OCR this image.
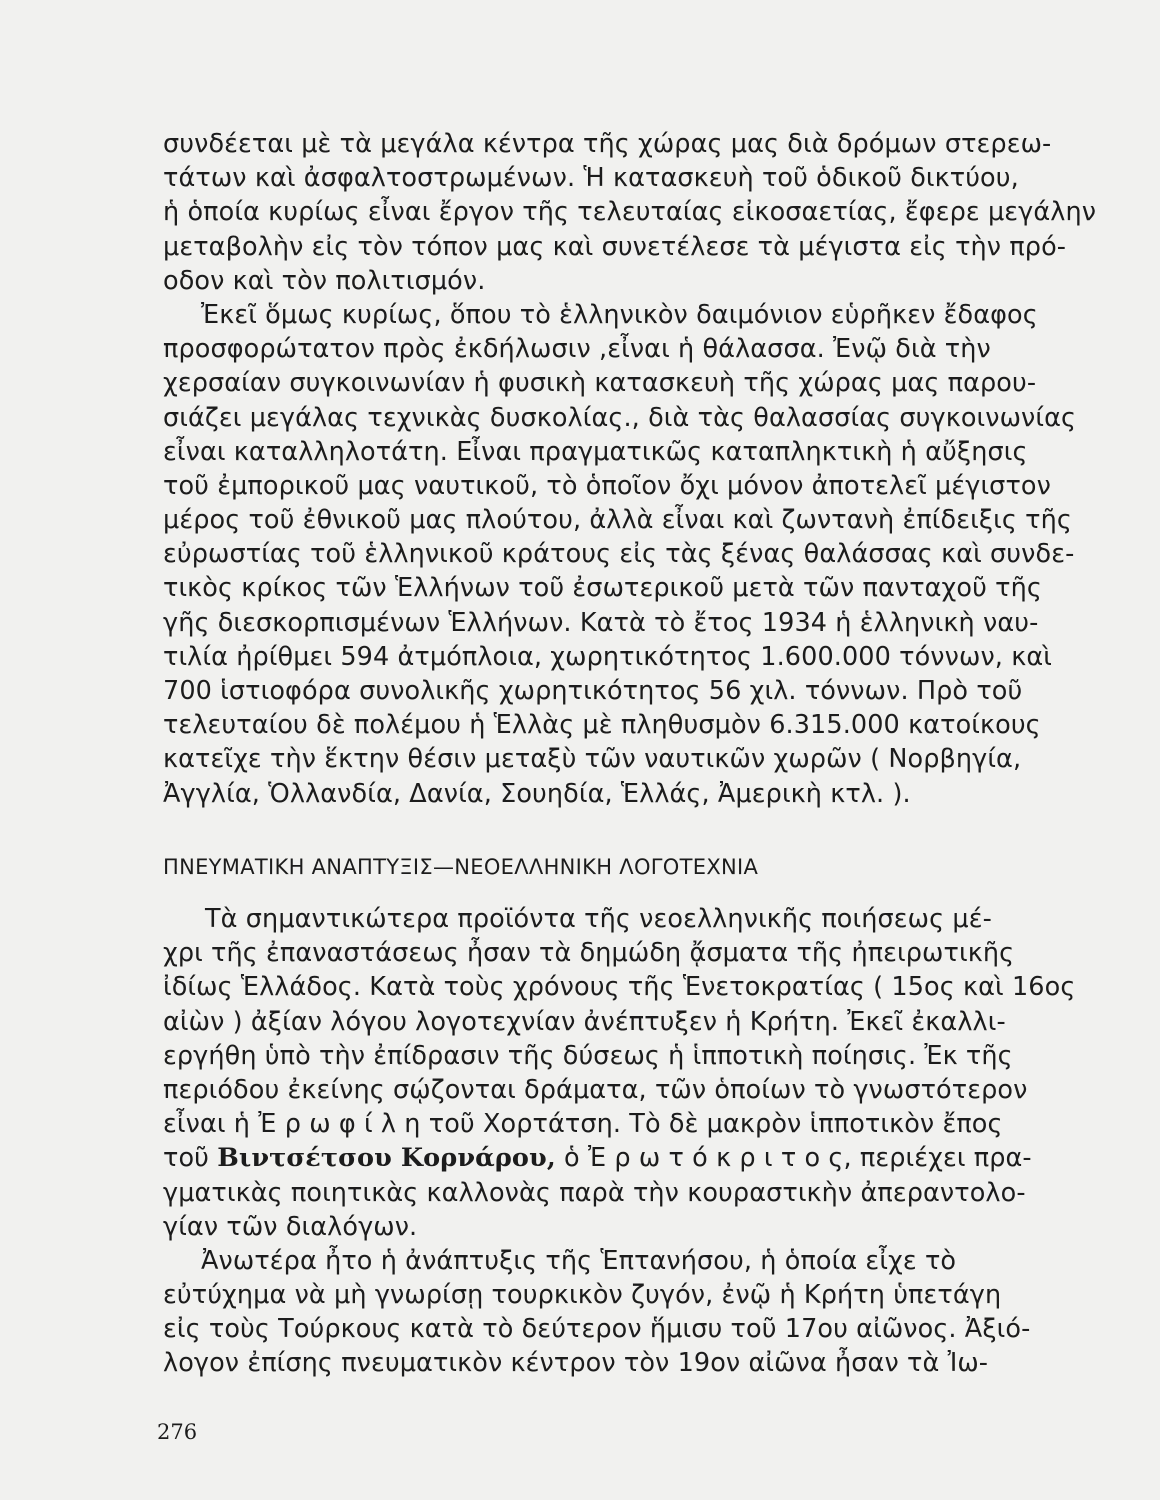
συνδέεται μὲ τὰ μεγάλα κέντρα τῆς χώρας μας διὰ δρόμων στερεω-
τάτων καὶ ἀσφαλτοστρωμένων. Ἡ κατασκευὴ τοῦ ὁδικοῦ δικτύου,
ἡ ὁποία κυρίως εἶναι ἔργον τῆς τελευταίας εἰκοσαετίας, ἔφερε μεγάλην
μεταβολὴν εἰς τὸν τόπον μας καὶ συνετέλεσε τὰ μέγιστα εἰς τὴν πρό-
οδον καὶ τὸν πολιτισμόν.
Ἐκεῖ ὅμως κυρίως, ὅπου τὸ ἑλληνικὸν δαιμόνιον εὑρῆκεν ἔδαφος
προσφορώτατον πρὸς ἐκδήλωσιν ,εἶναι ἡ θάλασσα. Ἐνῷ διὰ τὴν
χερσαίαν συγκοινωνίαν ἡ φυσικὴ κατασκευὴ τῆς χώρας μας παρου-
σιάζει μεγάλας τεχνικὰς δυσκολίας., διὰ τὰς θαλασσίας συγκοινωνίας
εἶναι καταλληλοτάτη. Εἶναι πραγματικῶς καταπληκτικὴ ἡ αὔξησις
τοῦ ἐμπορικοῦ μας ναυτικοῦ, τὸ ὁποῖον ὄχι μόνον ἀποτελεῖ μέγιστον
μέρος τοῦ ἐθνικοῦ μας πλούτου, ἀλλὰ εἶναι καὶ ζωντανὴ ἐπίδειξις τῆς
εὐρωστίας τοῦ ἑλληνικοῦ κράτους εἰς τὰς ξένας θαλάσσας καὶ συνδε-
τικὸς κρίκος τῶν Ἑλλήνων τοῦ ἐσωτερικοῦ μετὰ τῶν πανταχοῦ τῆς
γῆς διεσκορπισμένων Ἑλλήνων. Κατὰ τὸ ἔτος 1934 ἡ ἑλληνικὴ ναυ-
τιλία ἠρίθμει 594 ἀτμόπλοια, χωρητικότητος 1.600.000 τόννων, καὶ
700 ἱστιοφόρα συνολικῆς χωρητικότητος 56 χιλ. τόννων. Πρὸ τοῦ
τελευταίου δὲ πολέμου ἡ Ἑλλὰς μὲ πληθυσμὸν 6.315.000 κατοίκους
κατεῖχε τὴν ἕκτην θέσιν μεταξὺ τῶν ναυτικῶν χωρῶν ( Νορβηγία,
Ἀγγλία, Ὁλλανδία, Δανία, Σουηδία, Ἑλλάς, Ἀμερικὴ κτλ. ).
ΠΝΕΥΜΑΤΙΚΗ ΑΝΑΠΤΥΞΙΣ—ΝΕΟΕΛΛΗΝΙΚΗ ΛΟΓΟΤΕΧΝΙΑ
Τὰ σημαντικώτερα προϊόντα τῆς νεοελληνικῆς ποιήσεως μέ-
χρι τῆς ἐπαναστάσεως ἦσαν τὰ δημώδη ᾄσματα τῆς ἠπειρωτικῆς
ἰδίως Ἑλλάδος. Κατὰ τοὺς χρόνους τῆς Ἑνετοκρατίας ( 15ος καὶ 16ος
αἰὼν ) ἀξίαν λόγου λογοτεχνίαν ἀνέπτυξεν ἡ Κρήτη. Ἐκεῖ ἐκαλλι-
εργήθη ὑπὸ τὴν ἐπίδρασιν τῆς δύσεως ἡ ἱπποτικὴ ποίησις. Ἐκ τῆς
περιόδου ἐκείνης σῴζονται δράματα, τῶν ὁποίων τὸ γνωστότερον
εἶναι ἡ Ἐ ρ ω φ ί λ η τοῦ Χορτάτση. Τὸ δὲ μακρὸν ἱπποτικὸν ἔπος
τοῦ Βιντσέτσου Κορνάρου, ὁ Ἐ ρ ω τ ό κ ρ ι τ ο ς, περιέχει πρα-
γματικὰς ποιητικὰς καλλονὰς παρὰ τὴν κουραστικὴν ἀπεραντολο-
γίαν τῶν διαλόγων.
Ἀνωτέρα ἦτο ἡ ἀνάπτυξις τῆς Ἑπτανήσου, ἡ ὁποία εἶχε τὸ
εὐτύχημα νὰ μὴ γνωρίσῃ τουρκικὸν ζυγόν, ἐνῷ ἡ Κρήτη ὑπετάγη
εἰς τοὺς Τούρκους κατὰ τὸ δεύτερον ἥμισυ τοῦ 17ου αἰῶνος. Ἀξιό-
λογον ἐπίσης πνευματικὸν κέντρον τὸν 19ον αἰῶνα ἦσαν τὰ Ἰω-
276
